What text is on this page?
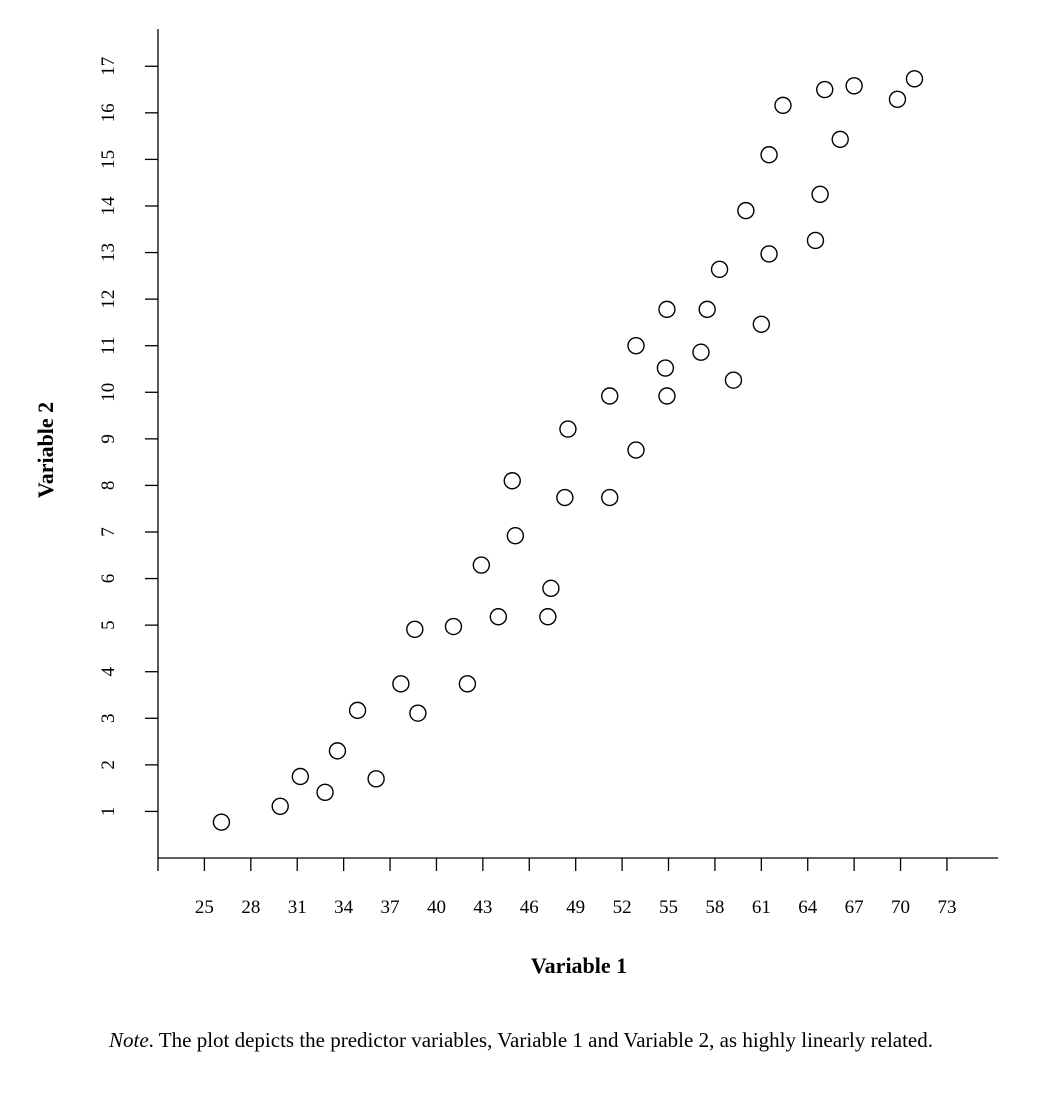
25 28 31 34 37 40 43 46 49 52 55 58 61 64 67 70 73
1
2
3
4
5
6
7
8
9
10
11
12
13
14
15
16
17
Variable 1
Variable 2
Note. The plot depicts the predictor variables, Variable 1 and Variable 2, as highly linearly related.
